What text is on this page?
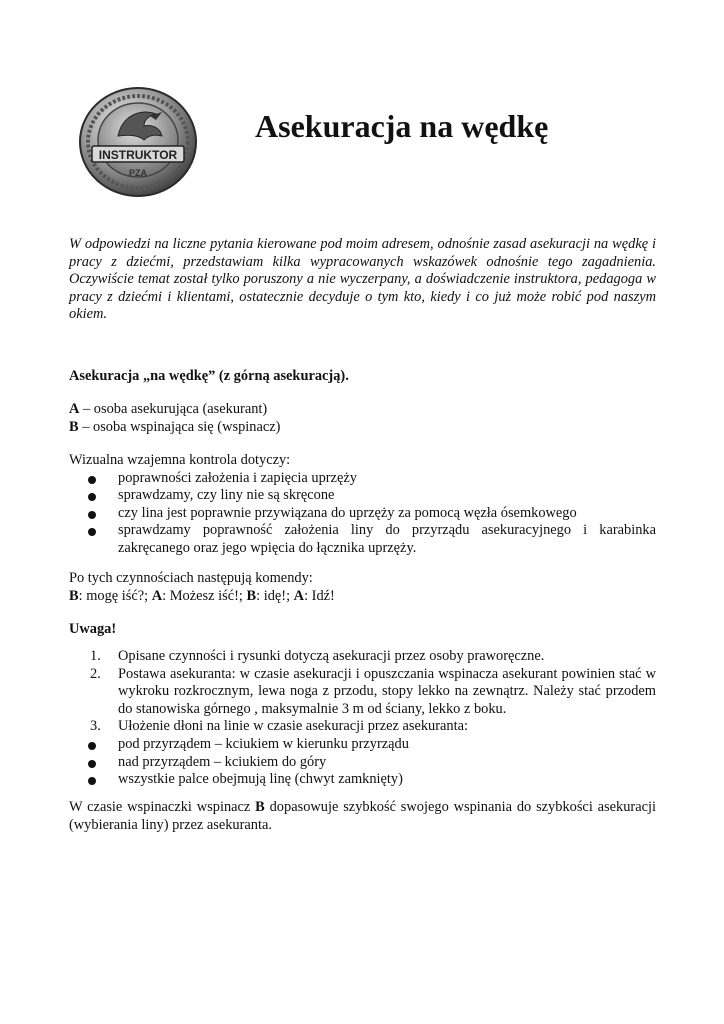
INSTRUKTOR
PZA
Asekuracja na wędkę

W odpowiedzi na liczne pytania kierowane pod moim adresem, odnośnie zasad asekuracji na wędkę i pracy z dziećmi, przedstawiam kilka wypracowanych wskazówek odnośnie tego zagadnienia. Oczywiście temat został tylko poruszony a nie wyczerpany, a doświadczenie instruktora, pedagoga w pracy z dziećmi i klientami, ostatecznie decyduje o tym kto, kiedy i co już może robić pod naszym okiem.

Asekuracja „na wędkę” (z górną asekuracją).

A – osoba asekurująca (asekurant)

B – osoba wspinająca się (wspinacz)

Wizualna wzajemna kontrola dotyczy:

poprawności założenia i zapięcia uprzęży
sprawdzamy, czy liny nie są skręcone
czy lina jest poprawnie przywiązana do uprzęży za pomocą węzła ósemkowego
sprawdzamy poprawność założenia liny do przyrządu asekuracyjnego i karabinka zakręcanego oraz jego wpięcia do łącznika uprzęży.

Po tych czynnościach następują komendy:

B: mogę iść?; A: Możesz iść!; B: idę!; A: Idź!

Uwaga!

1. Opisane czynności i rysunki dotyczą asekuracji przez osoby praworęczne.
2. Postawa asekuranta: w czasie asekuracji i opuszczania wspinacza asekurant powinien stać w wykroku rozkrocznym, lewa noga z przodu, stopy lekko na zewnątrz. Należy stać przodem do stanowiska górnego , maksymalnie 3 m od ściany, lekko z boku.
3. Ułożenie dłoni na linie w czasie asekuracji przez asekuranta:
pod przyrządem – kciukiem w kierunku przyrządu
nad przyrządem – kciukiem do góry
wszystkie palce obejmują linę (chwyt zamknięty)

W czasie wspinaczki wspinacz B dopasowuje szybkość swojego wspinania do szybkości asekuracji (wybierania liny) przez asekuranta.
